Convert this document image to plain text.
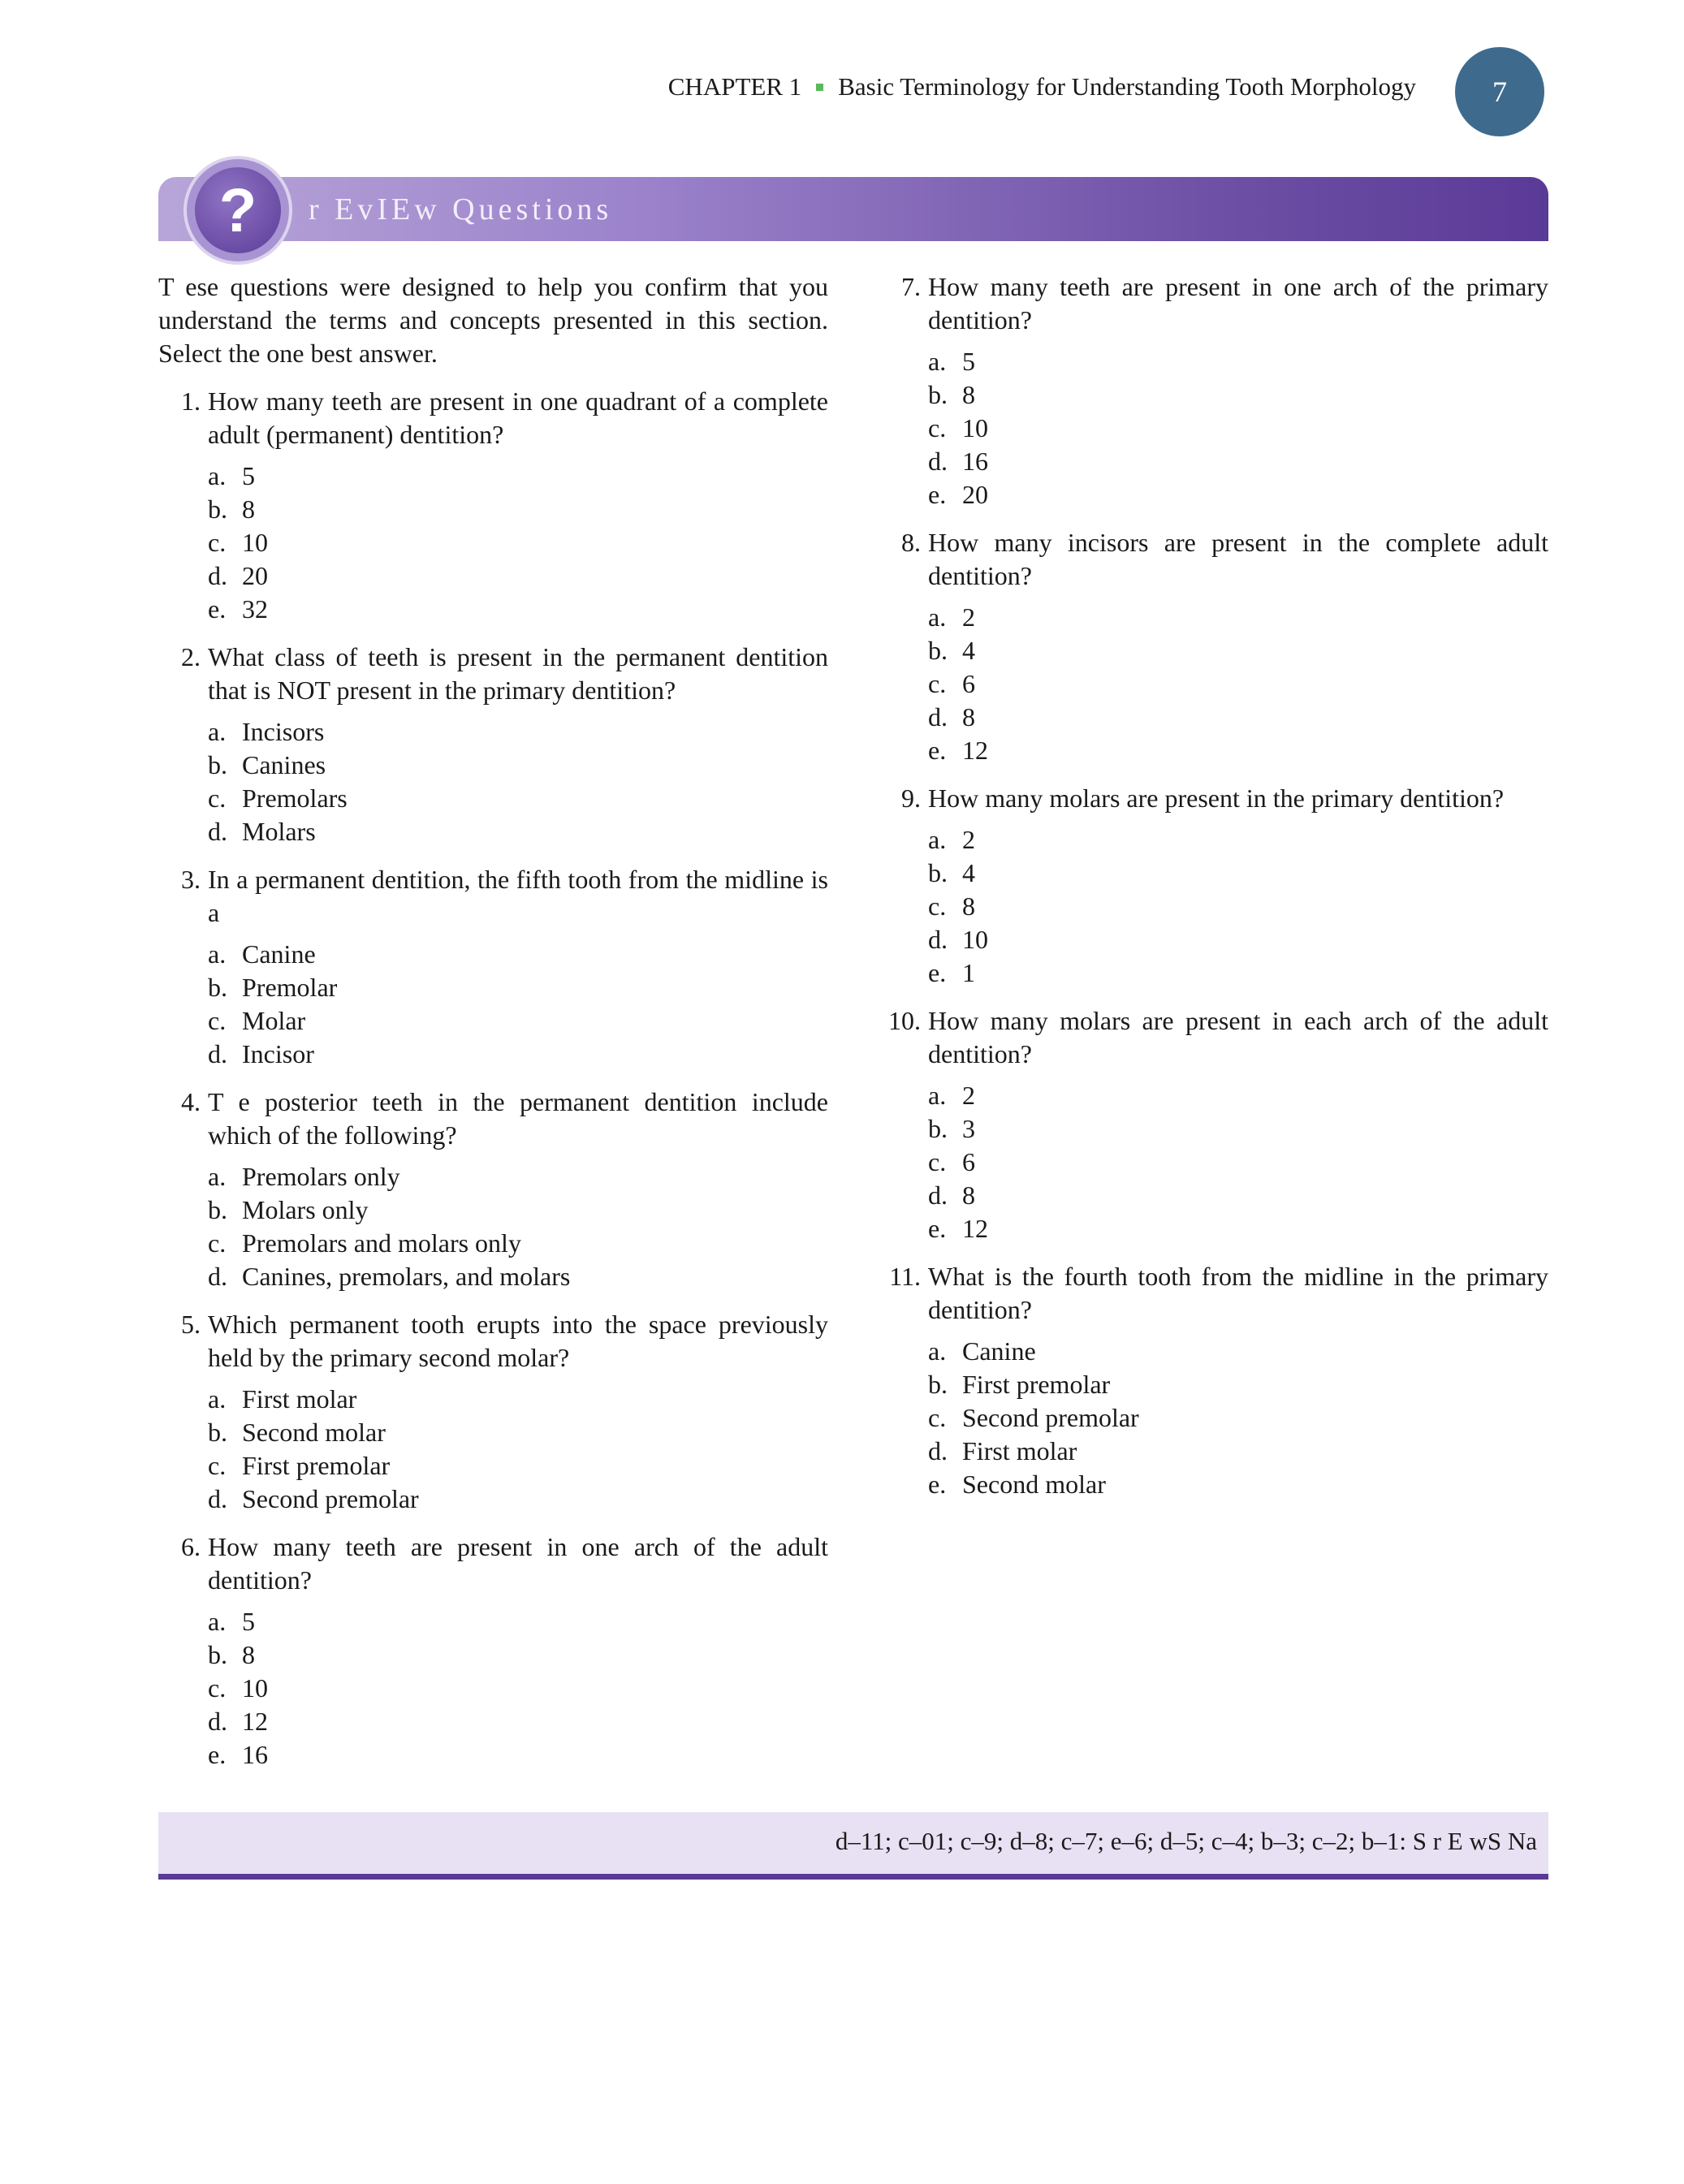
CHAPTER 1 Basic Terminology for Understanding Tooth Morphology	7
r EvIEw Questions
?

T ese questions were designed to help you confirm that you understand the terms and concepts presented in this section. Select the one best answer.

1. How many teeth are present in one quadrant of a complete adult (permanent) dentition?
a. 5
b. 8
c. 10
d. 20
e. 32
2. What class of teeth is present in the permanent dentition that is NOT present in the primary dentition?
a. Incisors
b. Canines
c. Premolars
d. Molars
3. In a permanent dentition, the fifth tooth from the midline is a
a. Canine
b. Premolar
c. Molar
d. Incisor
4. T e posterior teeth in the permanent dentition include which of the following?
a. Premolars only
b. Molars only
c. Premolars and molars only
d. Canines, premolars, and molars
5. Which permanent tooth erupts into the space previously held by the primary second molar?
a. First molar
b. Second molar
c. First premolar
d. Second premolar
6. How many teeth are present in one arch of the adult dentition?
a. 5
b. 8
c. 10
d. 12
e. 16
7. How many teeth are present in one arch of the primary dentition?
a. 5
b. 8
c. 10
d. 16
e. 20
8. How many incisors are present in the complete adult dentition?
a. 2
b. 4
c. 6
d. 8
e. 12
9. How many molars are present in the primary dentition?
a. 2
b. 4
c. 8
d. 10
e. 1
10. How many molars are present in each arch of the adult dentition?
a. 2
b. 3
c. 6
d. 8
e. 12
11. What is the fourth tooth from the midline in the primary dentition?
a. Canine
b. First premolar
c. Second premolar
d. First molar
e. Second molar
d–11; c–01; c–9; d–8; c–7; e–6; d–5; c–4; b–3; c–2; b–1: S r E wS Na
